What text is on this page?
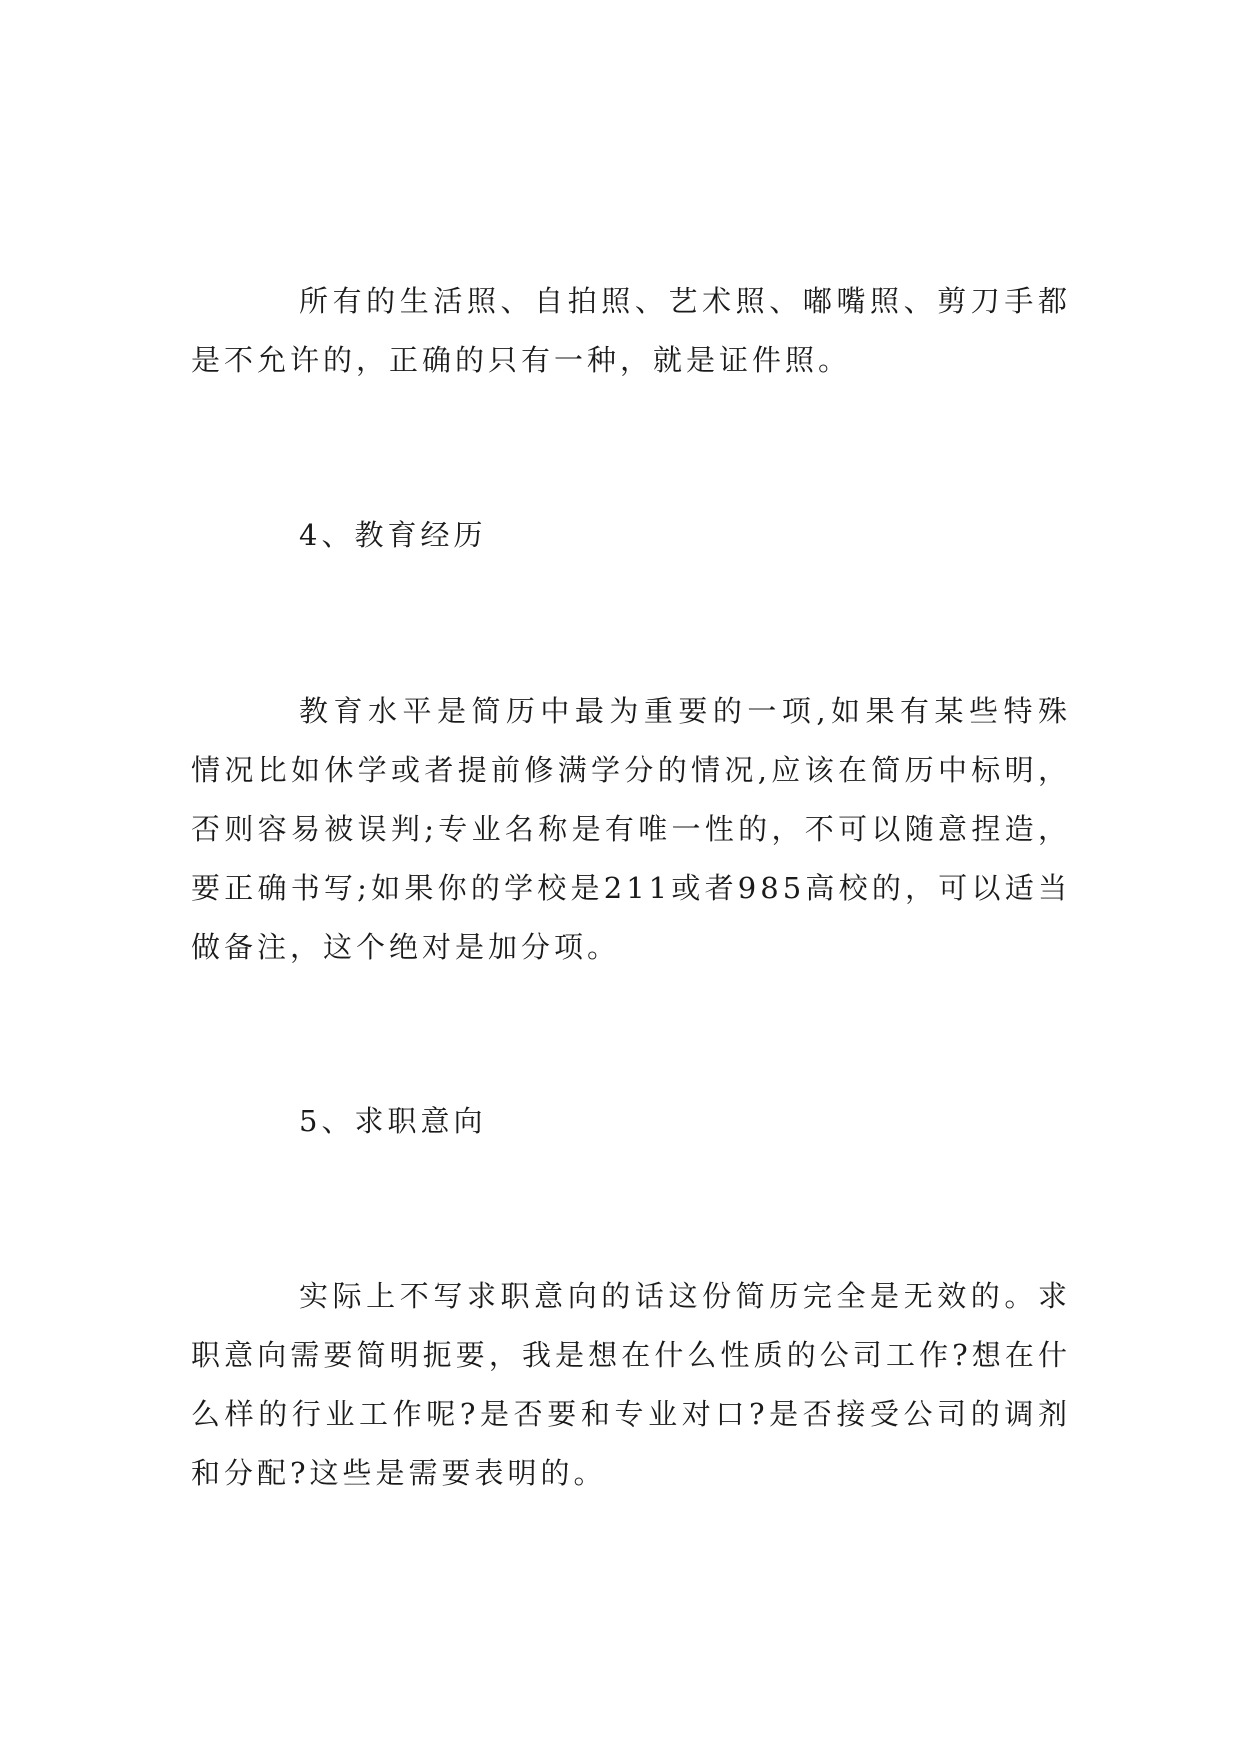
所有的生活照、自拍照、艺术照、嘟嘴照、剪刀手都是不允许的，正确的只有一种，就是证件照。

4、教育经历

教育水平是简历中最为重要的一项,如果有某些特殊情况比如休学或者提前修满学分的情况,应该在简历中标明，否则容易被误判;专业名称是有唯一性的，不可以随意捏造，要正确书写;如果你的学校是211或者985高校的，可以适当做备注，这个绝对是加分项。

5、求职意向

实际上不写求职意向的话这份简历完全是无效的。求职意向需要简明扼要，我是想在什么性质的公司工作?想在什么样的行业工作呢?是否要和专业对口?是否接受公司的调剂和分配?这些是需要表明的。
